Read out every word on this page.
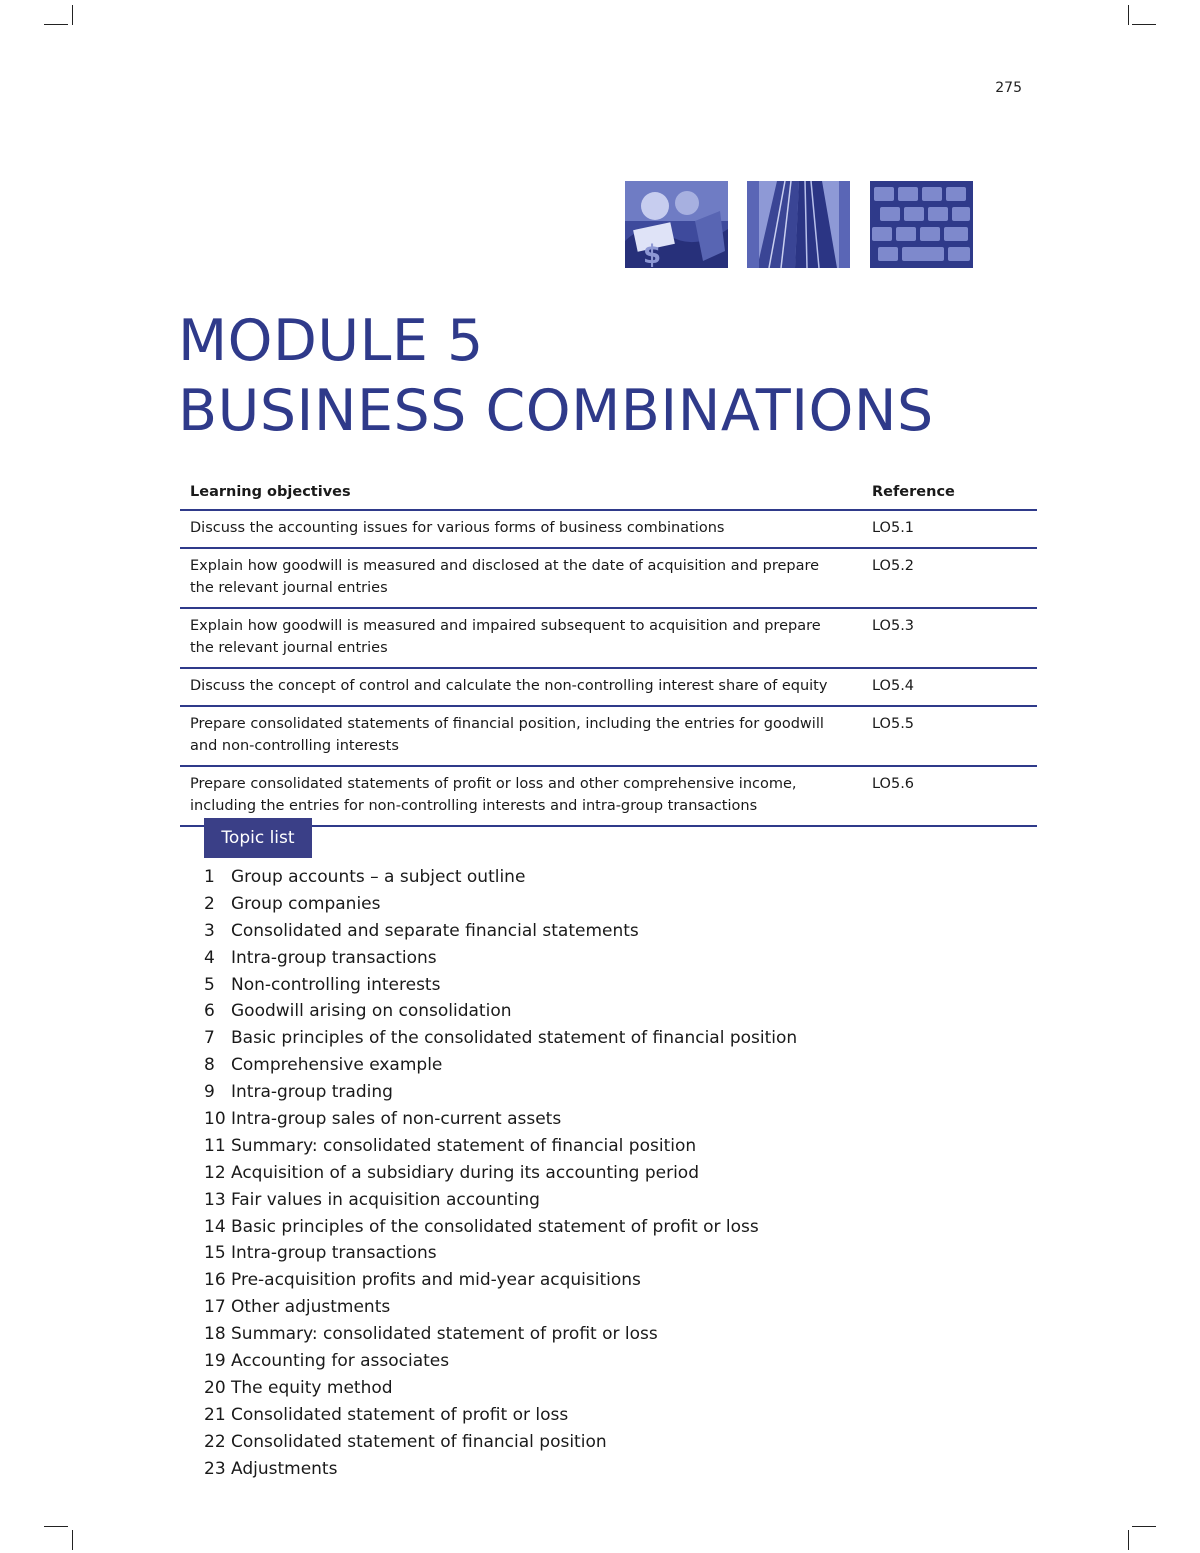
275
$
MODULE 5
BUSINESS COMBINATIONS
Learning objectives	Reference
Discuss the accounting issues for various forms of business combinations	LO5.1
Explain how goodwill is measured and disclosed at the date of acquisition and prepare the relevant journal entries	LO5.2
Explain how goodwill is measured and impaired subsequent to acquisition and prepare the relevant journal entries	LO5.3
Discuss the concept of control and calculate the non-controlling interest share of equity	LO5.4
Prepare consolidated statements of financial position, including the entries for goodwill and non-controlling interests	LO5.5
Prepare consolidated statements of profit or loss and other comprehensive income, including the entries for non-controlling interests and intra-group transactions	LO5.6
Topic list
1 Group accounts – a subject outline
2 Group companies
3 Consolidated and separate financial statements
4 Intra-group transactions
5 Non-controlling interests
6 Goodwill arising on consolidation
7 Basic principles of the consolidated statement of financial position
8 Comprehensive example
9 Intra-group trading
10 Intra-group sales of non-current assets
11 Summary: consolidated statement of financial position
12 Acquisition of a subsidiary during its accounting period
13 Fair values in acquisition accounting
14 Basic principles of the consolidated statement of profit or loss
15 Intra-group transactions
16 Pre-acquisition profits and mid-year acquisitions
17 Other adjustments
18 Summary: consolidated statement of profit or loss
19 Accounting for associates
20 The equity method
21 Consolidated statement of profit or loss
22 Consolidated statement of financial position
23 Adjustments
